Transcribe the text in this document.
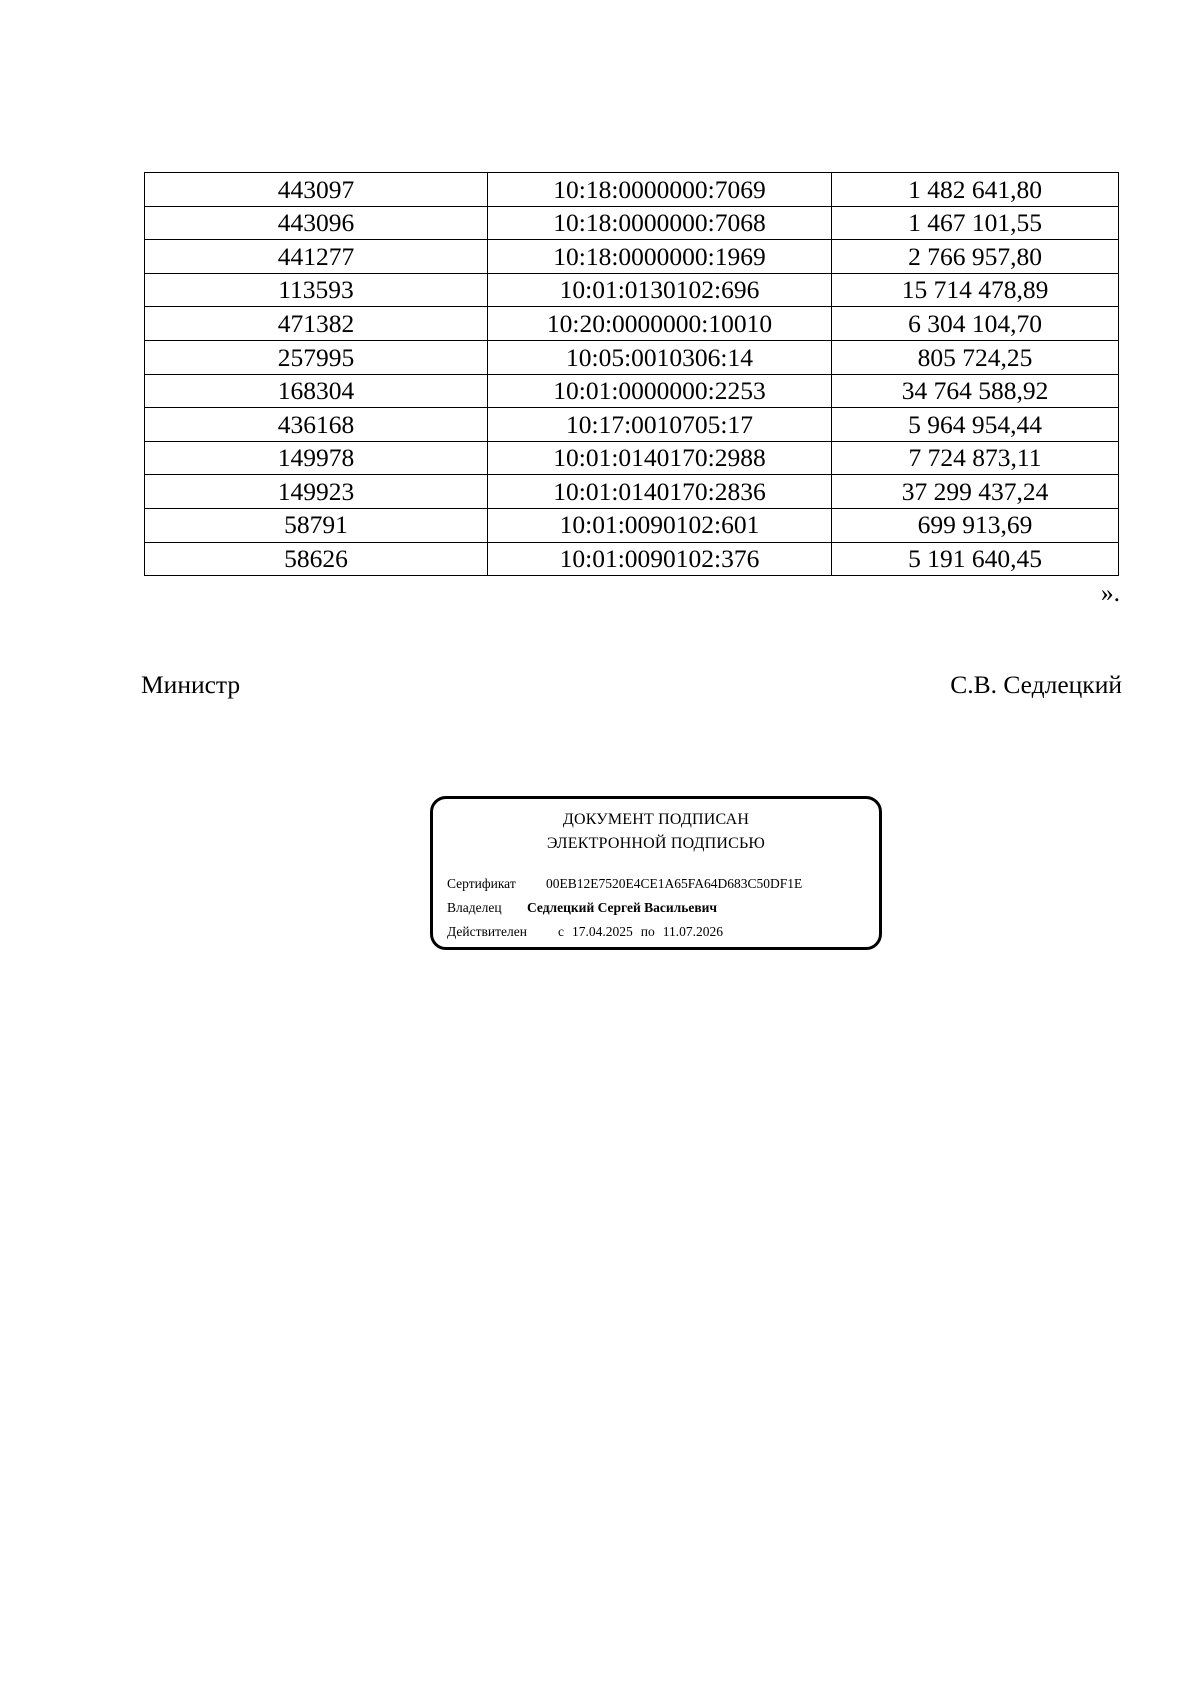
443097	10:18:0000000:7069	1 482 641,80
443096	10:18:0000000:7068	1 467 101,55
441277	10:18:0000000:1969	2 766 957,80
113593	10:01:0130102:696	15 714 478,89
471382	10:20:0000000:10010	6 304 104,70
257995	10:05:0010306:14	805 724,25
168304	10:01:0000000:2253	34 764 588,92
436168	10:17:0010705:17	5 964 954,44
149978	10:01:0140170:2988	7 724 873,11
149923	10:01:0140170:2836	37 299 437,24
58791	10:01:0090102:601	699 913,69
58626	10:01:0090102:376	5 191 640,45
».
Министр	С.В. Седлецкий
ДОКУМЕНТ ПОДПИСАН
ЭЛЕКТРОННОЙ ПОДПИСЬЮ
Сертификат 00EB12E7520E4CE1A65FA64D683C50DF1E
Владелец Седлецкий Сергей Васильевич
Действителен с 17.04.2025 по 11.07.2026
